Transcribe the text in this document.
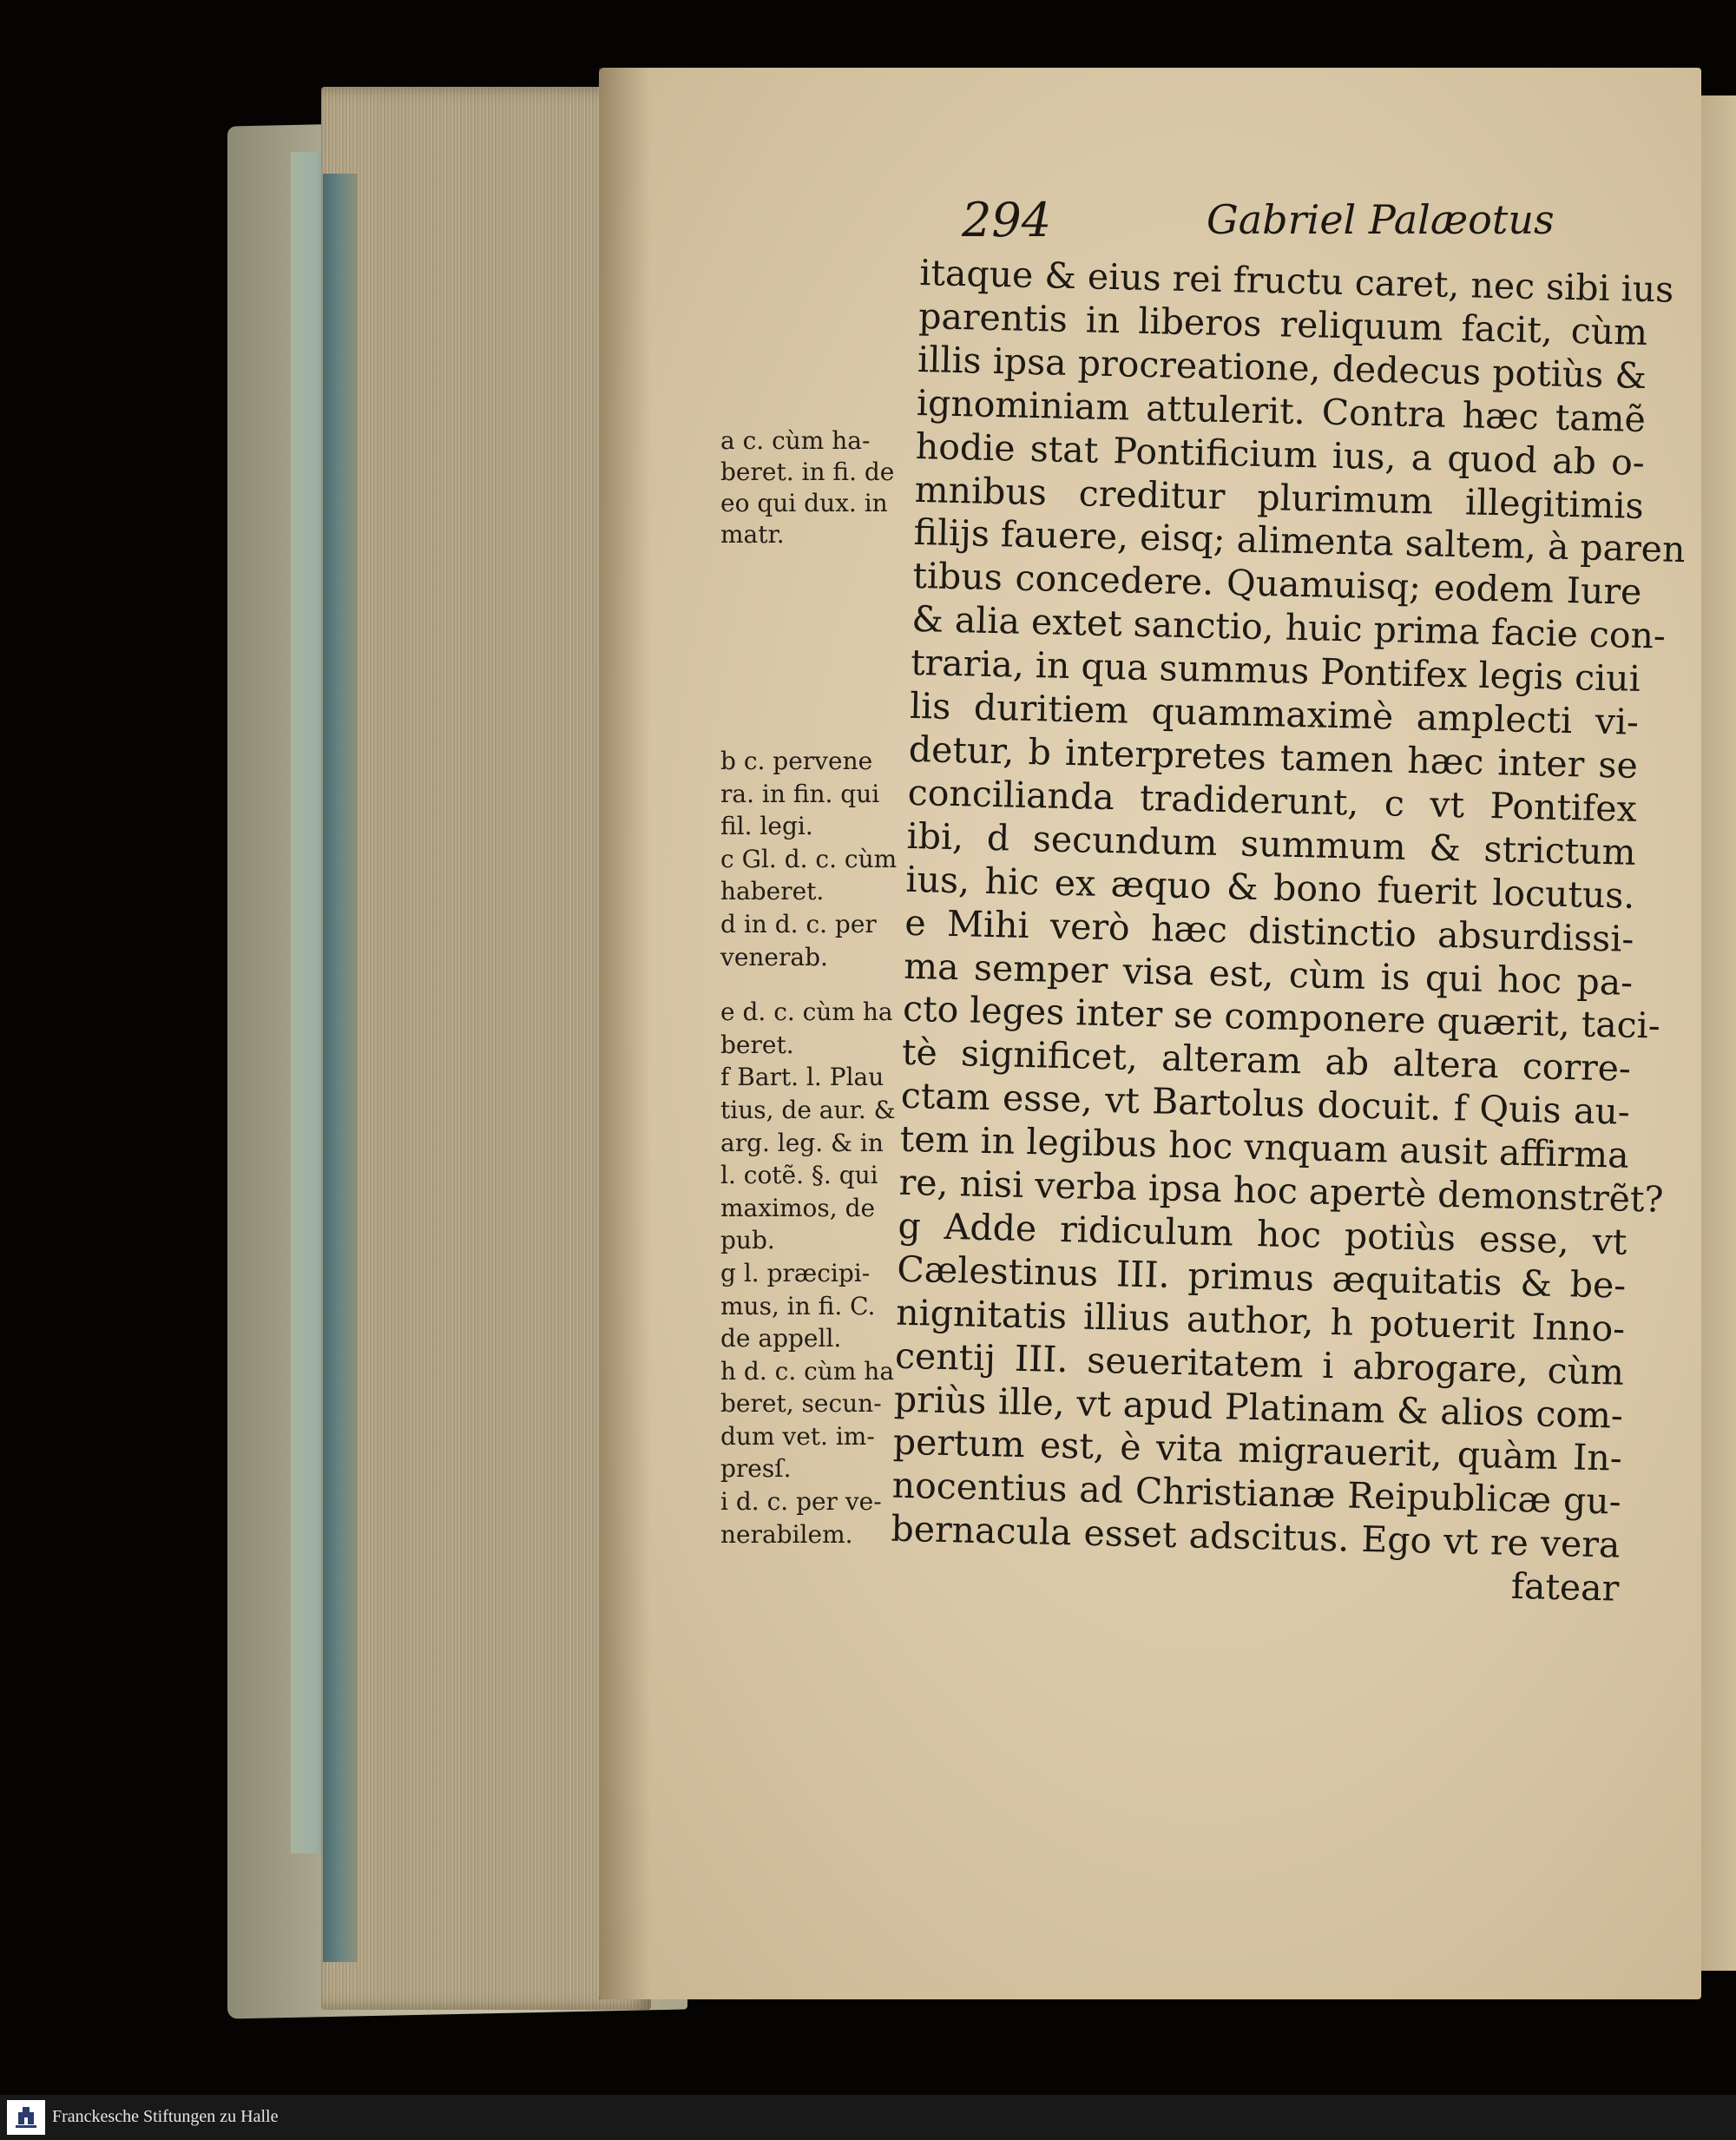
294	Gabriel Palæotus
itaque & eius rei fructu caret, nec sibi ius
parentis in liberos reliquum facit, cùm
illis ipsa procreatione, dedecus potiùs &
ignominiam attulerit. Contra hæc tamẽ
hodie stat Pontificium ius, a quod ab o-
mnibus creditur plurimum illegitimis
filijs fauere, eisq; alimenta saltem, à paren
tibus concedere. Quamuisq; eodem Iure
& alia extet sanctio, huic prima facie con-
traria, in qua summus Pontifex legis ciui
lis duritiem quammaximè amplecti vi-
detur, b interpretes tamen hæc inter se
concilianda tradiderunt, c vt Pontifex
ibi, d secundum summum & strictum
ius, hic ex æquo & bono fuerit locutus.
e Mihi verò hæc distinctio absurdissi-
ma semper visa est, cùm is qui hoc pa-
cto leges inter se componere quærit, taci-
tè significet, alteram ab altera corre-
ctam esse, vt Bartolus docuit. f Quis au-
tem in legibus hoc vnquam ausit affirma
re, nisi verba ipsa hoc apertè demonstrẽt?
g Adde ridiculum hoc potiùs esse, vt
Cælestinus III. primus æquitatis & be-
nignitatis illius author, h potuerit Inno-
centij III. seueritatem i abrogare, cùm
priùs ille, vt apud Platinam & alios com-
pertum est, è vita migrauerit, quàm In-
nocentius ad Christianæ Reipublicæ gu-
bernacula esset adscitus. Ego vt re vera
fatear
a c. cùm ha-
beret. in fi. de
eo qui dux. in
matr.
b c. pervene
ra. in fin. qui
fil. legi.
c Gl. d. c. cùm
haberet.
d in d. c. per
venerab.
e d. c. cùm ha
beret.
f Bart. l. Plau
tius, de aur. &
arg. leg. & in
l. cotẽ. §. qui
maximos, de
pub.
g l. præcipi-
mus, in fi. C.
de appell.
h d. c. cùm ha
beret, secun-
dum vet. im-
presſ.
i d. c. per ve-
nerabilem.
Franckesche Stiftungen zu Halle
